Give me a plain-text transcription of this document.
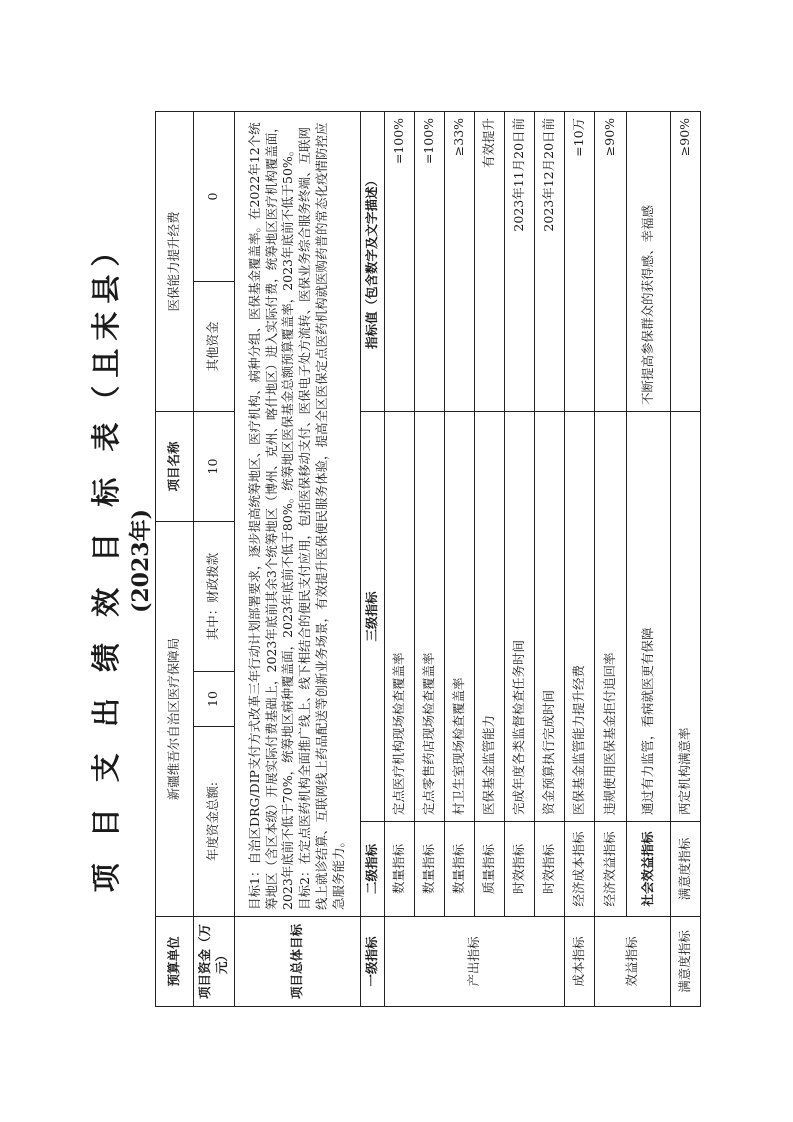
项 目 支 出 绩 效 目 标 表（且末县） (2023年)
预算单位	新疆维吾尔自治区医疗保障局				项目名称	医保能力提升经费	
项目资金（万元）	年度资金总额:		10	其中：财政拨款	10	其他资金	0
项目总体目标	目标1：自治区DRG/DIP支付方式改革三年行动计划部署要求，逐步提高统筹地区、医疗机构、病种分组、医保基金覆盖率。在2022年12个统筹地区（含区本级）开展实际付费基础上，2023年底前其余3个统筹地区（博州、克州、喀什地区）进入实际付费，统筹地区医疗机构覆盖面，2023年底前不低于70%，统筹地区病种覆盖面，2023年底前不低于80%。统筹地区医保基金总额预算覆盖率，2023年底前不低于50%。
目标2：在定点医药机构全面推广线上、线下相结合的便民支付应用，包括医保移动支付、医保电子处方流转、医保业务综合服务终端、互联网线上就诊结算、互联网线上药品配送等创新业务场景，有效提升医保便民服务体验，提高全区医保定点医药机构就医购药普的常态化疫情防控应急服务能力。						
一级指标	二级指标	三级指标				指标值（包含数字及文字描述）	
产出指标	数量指标	定点医疗机构现场检查覆盖率				=100%	
	数量指标	定点零售药店现场检查覆盖率				=100%	
	数量指标	村卫生室现场检查覆盖率				≥33%	
	质量指标	医保基金监管能力				有效提升	
	时效指标	完成年度各类监督检查任务时间				2023年11月20日前	
	时效指标	资金预算执行完成时间				2023年12月20日前	
成本指标	经济成本指标	医保基金监管能力提升经费				=10万	
效益指标	经济效益指标	违规使用医保基金拒付追回率				≥90%	
	社会效益指标	通过有力监管，看病就医更有保障				不断提高参保群众的获得感、幸福感	
满意度指标	满意度指标	两定机构满意率				≥90%	
